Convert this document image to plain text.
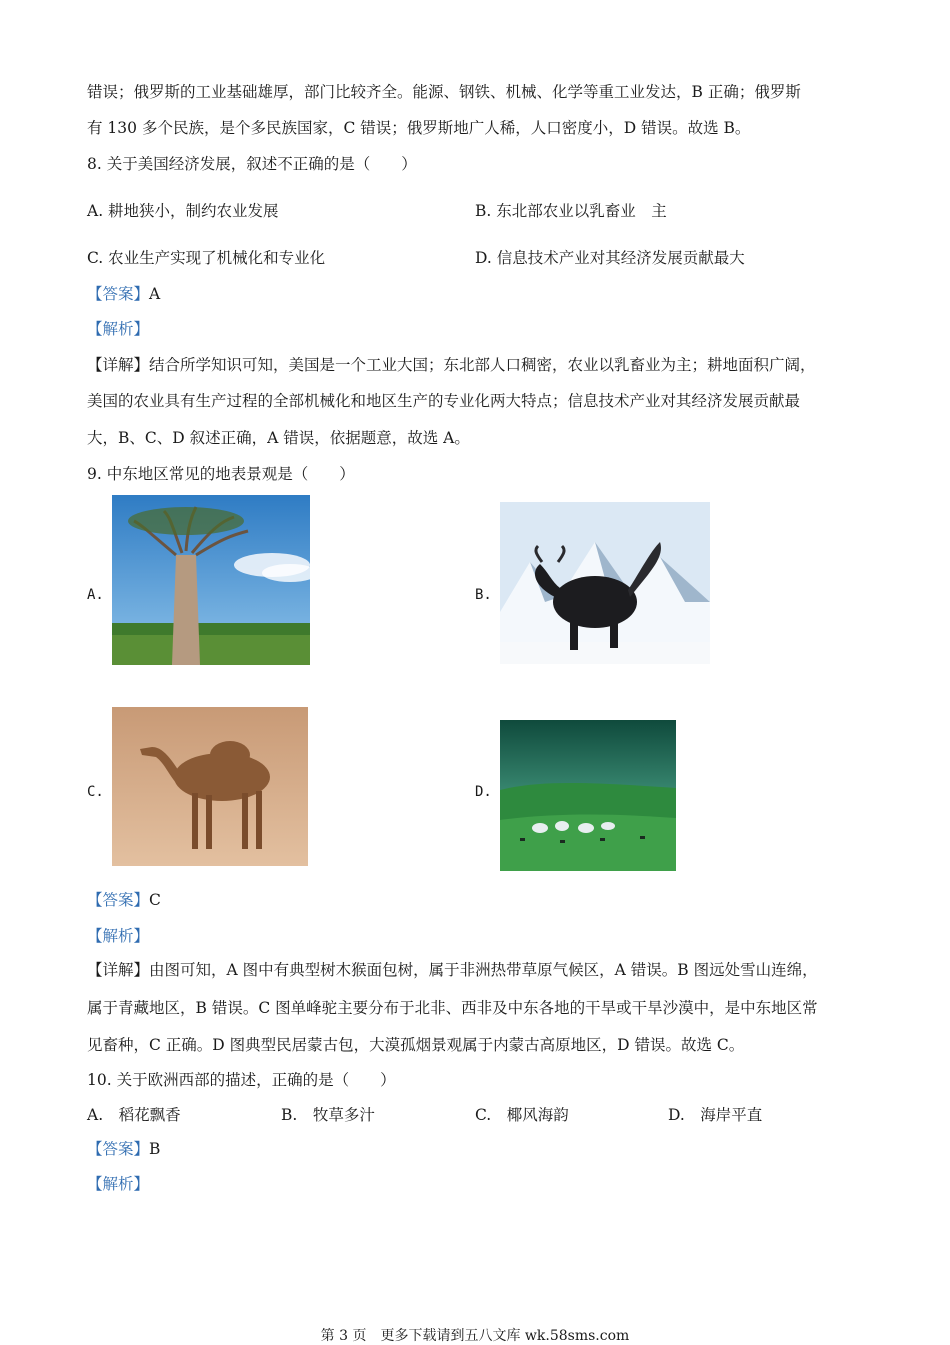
错误；俄罗斯的工业基础雄厚，部门比较齐全。能源、钢铁、机械、化学等重工业发达，B 正确；俄罗斯
有 130 多个民族，是个多民族国家，C 错误；俄罗斯地广人稀，人口密度小，D 错误。故选 B。
8. 关于美国经济发展，叙述不正确的是（　　）
A. 耕地狭小，制约农业发展	B. 东北部农业以乳畜业　主
C. 农业生产实现了机械化和专业化	D. 信息技术产业对其经济发展贡献最大
【答案】A
【解析】
【详解】结合所学知识可知，美国是一个工业大国；东北部人口稠密，农业以乳畜业为主；耕地面积广阔，
美国的农业具有生产过程的全部机械化和地区生产的专业化两大特点；信息技术产业对其经济发展贡献最
大，B、C、D 叙述正确，A 错误，依据题意，故选 A。
9. 中东地区常见的地表景观是（　　）
A.	B.
C.	D.
【答案】C
【解析】
【详解】由图可知，A 图中有典型树木猴面包树，属于非洲热带草原气候区，A 错误。B 图远处雪山连绵，
属于青藏地区，B 错误。C 图单峰驼主要分布于北非、西非及中东各地的干旱或干旱沙漠中，是中东地区常
见畜种，C 正确。D 图典型民居蒙古包，大漠孤烟景观属于内蒙古高原地区，D 错误。故选 C。
10. 关于欧洲西部的描述，正确的是（　　）
A.　稻花飘香	B.　牧草多汁	C.　椰风海韵	D.　海岸平直
【答案】B
【解析】
第 3 页　更多下载请到五八文库 wk.58sms.com
